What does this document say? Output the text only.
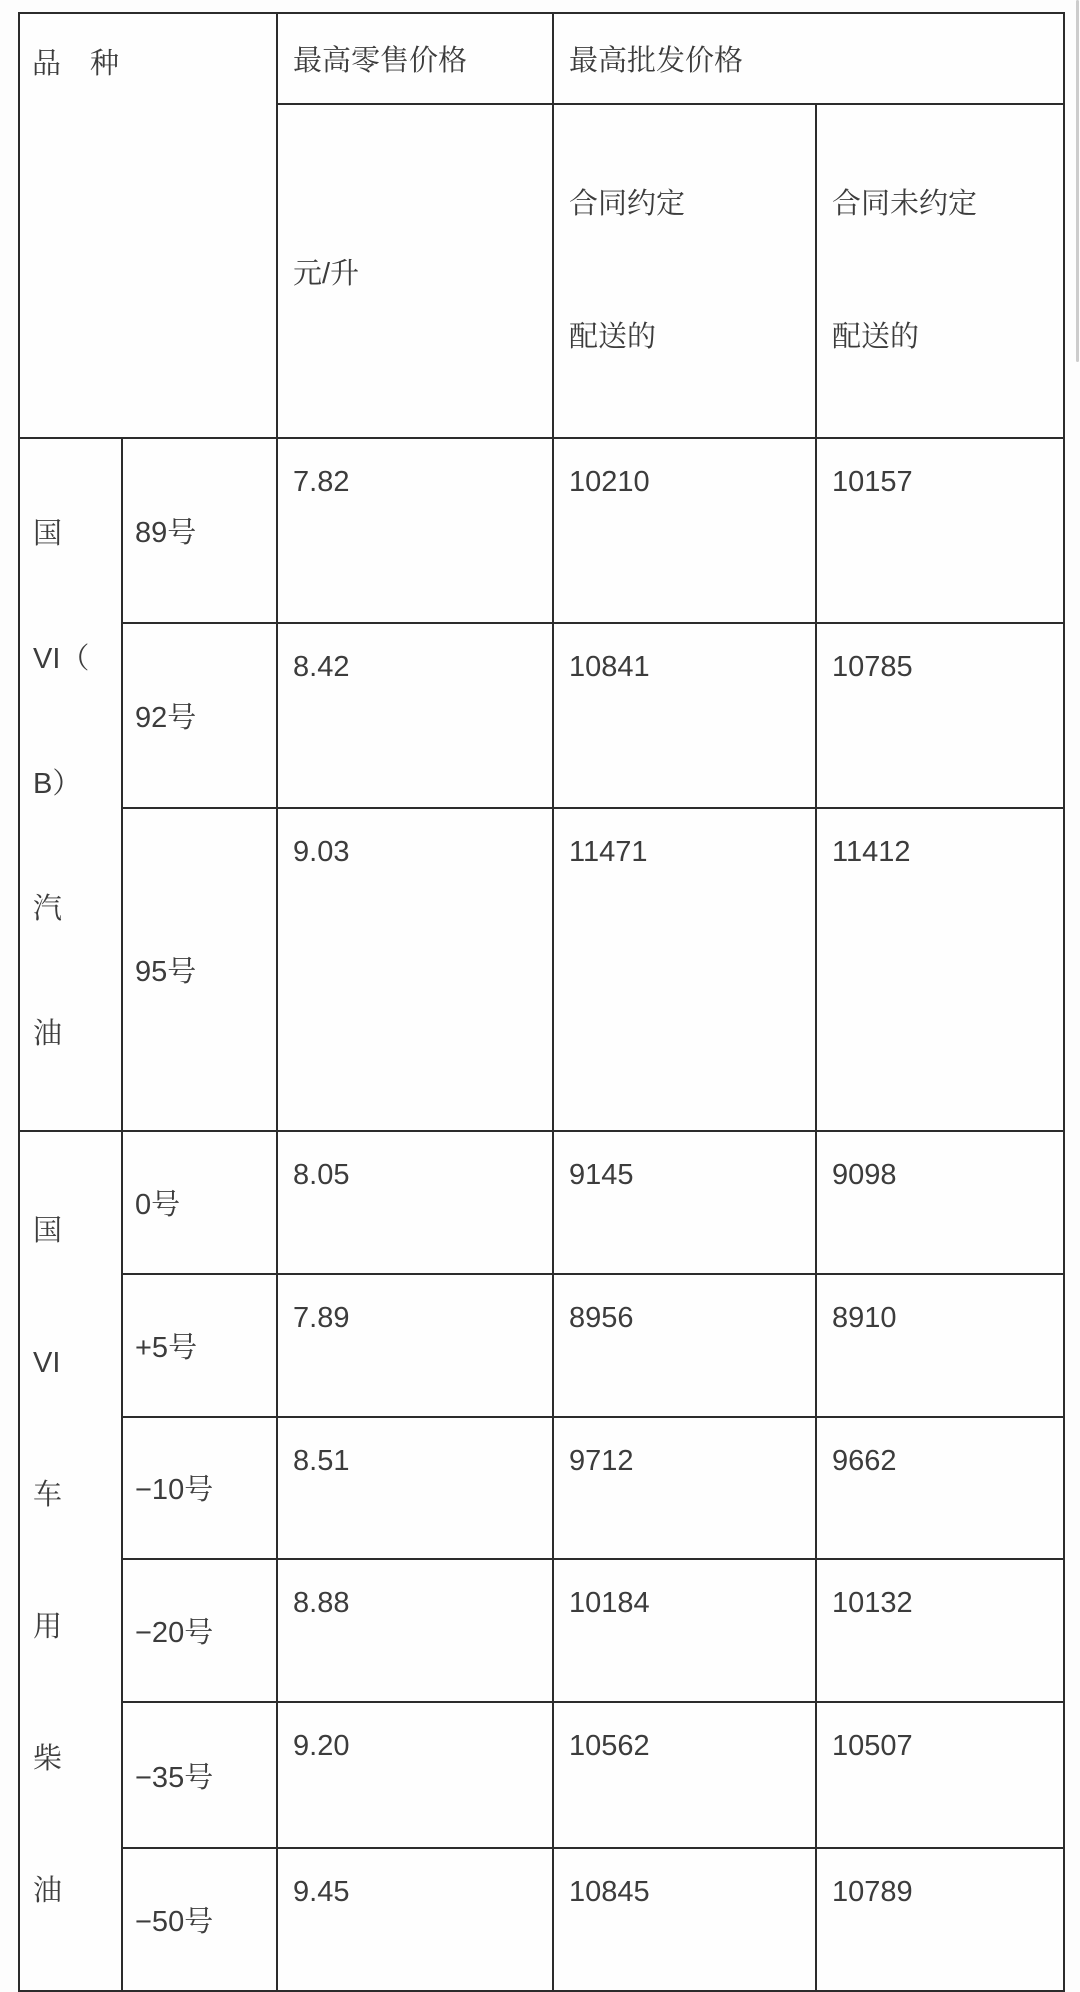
品　种		最高零售价格	最高批发价格	
元/升	

合同约定

配送的

合同未约定

配送的

国

VI（

B）

汽

油	89号	7.82	10210	10157
	92号	8.42	10841	10785
	95号	9.03	11471	11412

国

VI

车

用

柴

油

	0号	8.05	9145	9098
	+5号	7.89	8956	8910
	−10号	8.51	9712	9662
	−20号	8.88	10184	10132
	−35号	9.20	10562	10507
	−50号	9.45	10845	10789
